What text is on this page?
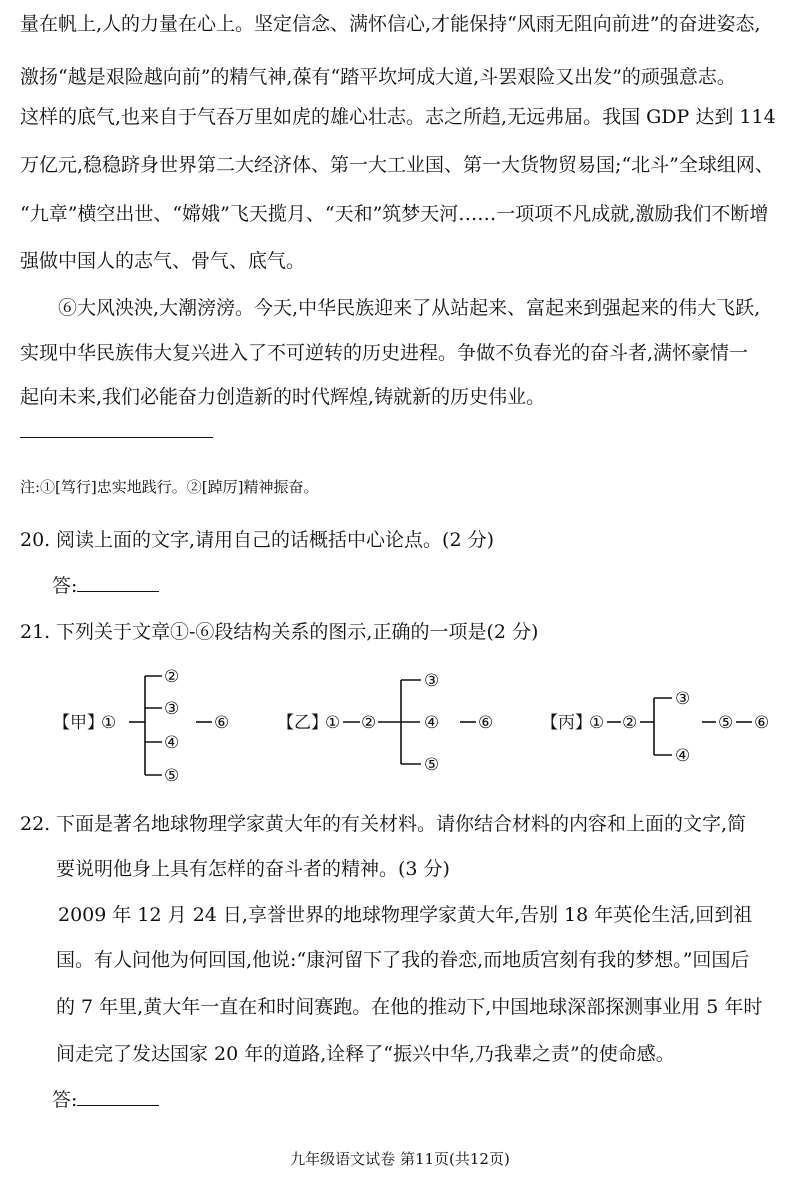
量在帆上,人的力量在心上。坚定信念、满怀信心,才能保持“风雨无阻向前进”的奋进姿态,
激扬“越是艰险越向前”的精气神,葆有“踏平坎坷成大道,斗罢艰险又出发”的顽强意志。
这样的底气,也来自于气吞万里如虎的雄心壮志。志之所趋,无远弗届。我国 GDP 达到 114
万亿元,稳稳跻身世界第二大经济体、第一大工业国、第一大货物贸易国;“北斗”全球组网、
“九章”横空出世、“嫦娥”飞天揽月、“天和”筑梦天河……一项项不凡成就,激励我们不断增
强做中国人的志气、骨气、底气。
⑥大风泱泱,大潮滂滂。今天,中华民族迎来了从站起来、富起来到强起来的伟大飞跃,
实现中华民族伟大复兴进入了不可逆转的历史进程。争做不负春光的奋斗者,满怀豪情一
起向未来,我们必能奋力创造新的时代辉煌,铸就新的历史伟业。
注:①[笃行]忠实地践行。②[踔厉]精神振奋。
20. 阅读上面的文字,请用自己的话概括中心论点。(2 分)
答:
21. 下列关于文章①-⑥段结构关系的图示,正确的一项是(2 分)
【甲】
①
②
③
④
⑤
⑥	【乙】
① ②
③
④
⑤
⑥	【丙】
① ②
③
④
⑤ ⑥
22. 下面是著名地球物理学家黄大年的有关材料。请你结合材料的内容和上面的文字,简
要说明他身上具有怎样的奋斗者的精神。(3 分)
2009 年 12 月 24 日,享誉世界的地球物理学家黄大年,告别 18 年英伦生活,回到祖
国。有人问他为何回国,他说:“康河留下了我的眷恋,而地质宫刻有我的梦想。”回国后
的 7 年里,黄大年一直在和时间赛跑。在他的推动下,中国地球深部探测事业用 5 年时
间走完了发达国家 20 年的道路,诠释了“振兴中华,乃我辈之责”的使命感。
答:
九年级语文试卷 第11页(共12页)
